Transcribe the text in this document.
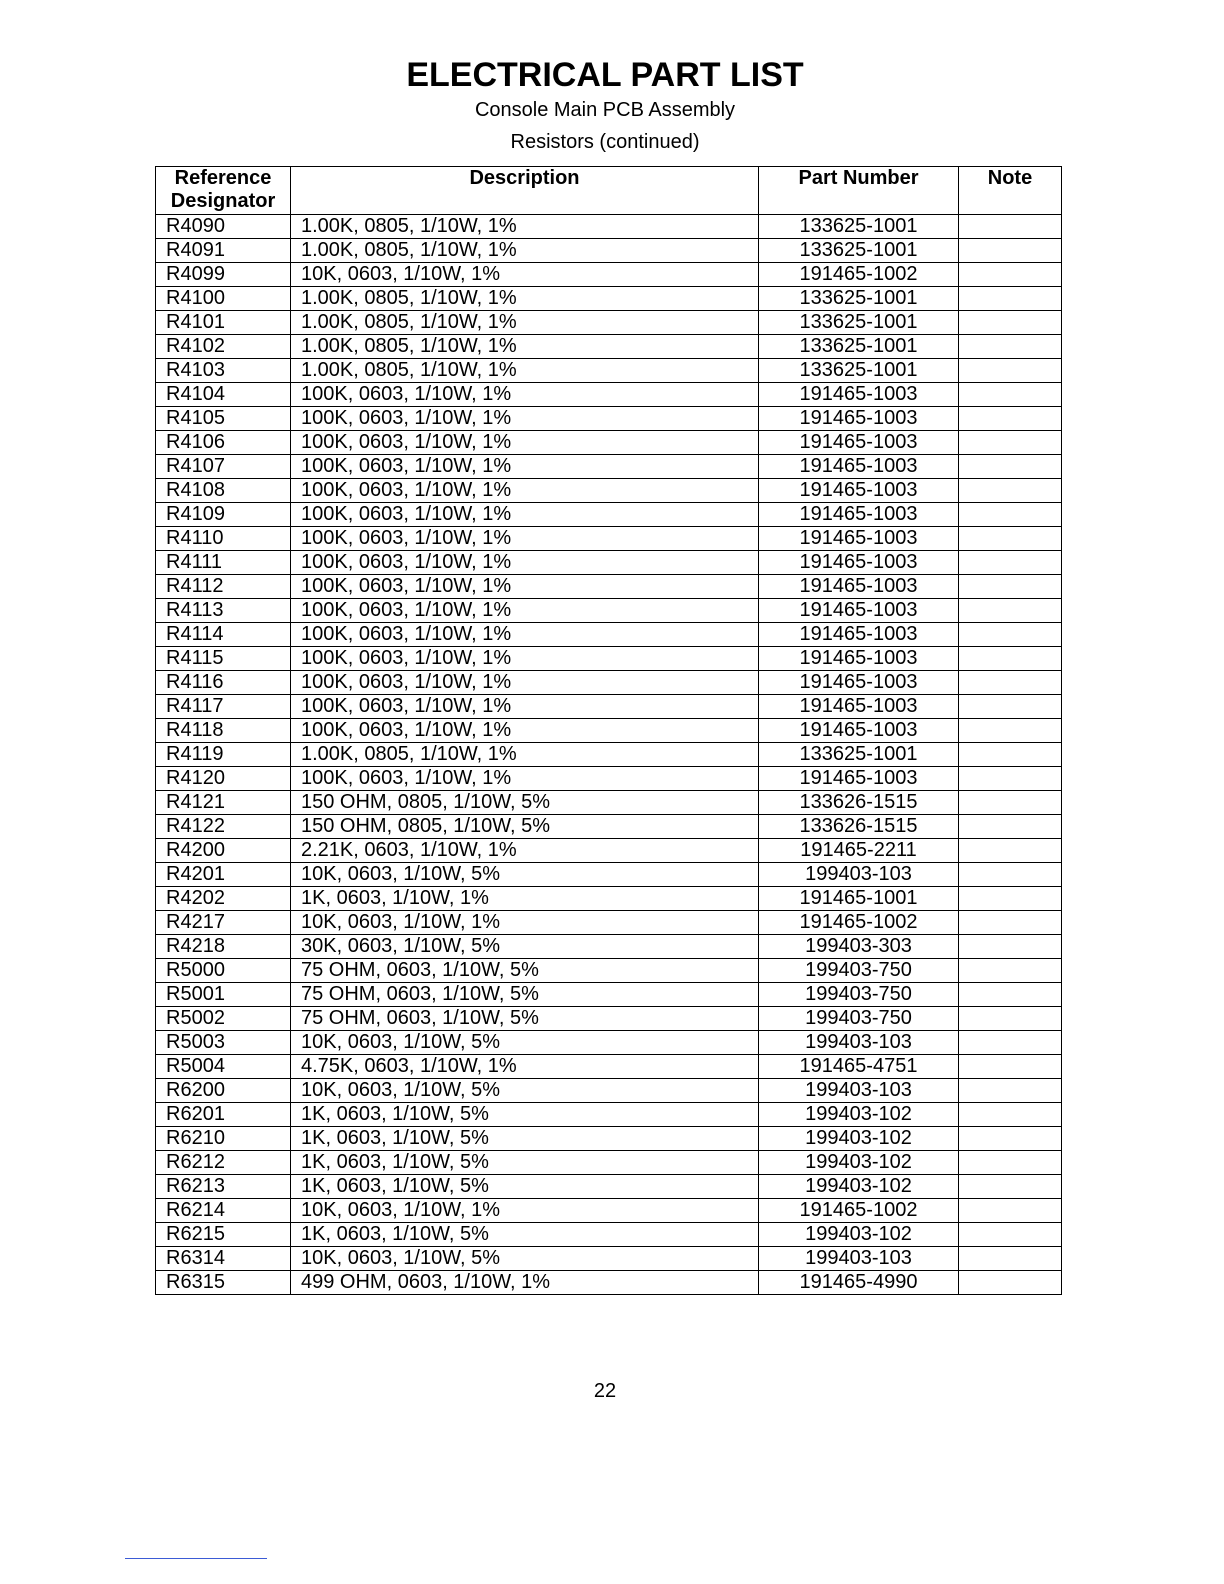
ELECTRICAL PART LIST
Console Main PCB Assembly
Resistors (continued)
Reference
Designator	Description	Part Number	Note
R4090	1.00K, 0805, 1/10W, 1%	133625-1001	
R4091	1.00K, 0805, 1/10W, 1%	133625-1001	
R4099	10K, 0603, 1/10W, 1%	191465-1002	
R4100	1.00K, 0805, 1/10W, 1%	133625-1001	
R4101	1.00K, 0805, 1/10W, 1%	133625-1001	
R4102	1.00K, 0805, 1/10W, 1%	133625-1001	
R4103	1.00K, 0805, 1/10W, 1%	133625-1001	
R4104	100K, 0603, 1/10W, 1%	191465-1003	
R4105	100K, 0603, 1/10W, 1%	191465-1003	
R4106	100K, 0603, 1/10W, 1%	191465-1003	
R4107	100K, 0603, 1/10W, 1%	191465-1003	
R4108	100K, 0603, 1/10W, 1%	191465-1003	
R4109	100K, 0603, 1/10W, 1%	191465-1003	
R4110	100K, 0603, 1/10W, 1%	191465-1003	
R4111	100K, 0603, 1/10W, 1%	191465-1003	
R4112	100K, 0603, 1/10W, 1%	191465-1003	
R4113	100K, 0603, 1/10W, 1%	191465-1003	
R4114	100K, 0603, 1/10W, 1%	191465-1003	
R4115	100K, 0603, 1/10W, 1%	191465-1003	
R4116	100K, 0603, 1/10W, 1%	191465-1003	
R4117	100K, 0603, 1/10W, 1%	191465-1003	
R4118	100K, 0603, 1/10W, 1%	191465-1003	
R4119	1.00K, 0805, 1/10W, 1%	133625-1001	
R4120	100K, 0603, 1/10W, 1%	191465-1003	
R4121	150 OHM, 0805, 1/10W, 5%	133626-1515	
R4122	150 OHM, 0805, 1/10W, 5%	133626-1515	
R4200	2.21K, 0603, 1/10W, 1%	191465-2211	
R4201	10K, 0603, 1/10W, 5%	199403-103	
R4202	1K, 0603, 1/10W, 1%	191465-1001	
R4217	10K, 0603, 1/10W, 1%	191465-1002	
R4218	30K, 0603, 1/10W, 5%	199403-303	
R5000	75 OHM, 0603, 1/10W, 5%	199403-750	
R5001	75 OHM, 0603, 1/10W, 5%	199403-750	
R5002	75 OHM, 0603, 1/10W, 5%	199403-750	
R5003	10K, 0603, 1/10W, 5%	199403-103	
R5004	4.75K, 0603, 1/10W, 1%	191465-4751	
R6200	10K, 0603, 1/10W, 5%	199403-103	
R6201	1K, 0603, 1/10W, 5%	199403-102	
R6210	1K, 0603, 1/10W, 5%	199403-102	
R6212	1K, 0603, 1/10W, 5%	199403-102	
R6213	1K, 0603, 1/10W, 5%	199403-102	
R6214	10K, 0603, 1/10W, 1%	191465-1002	
R6215	1K, 0603, 1/10W, 5%	199403-102	
R6314	10K, 0603, 1/10W, 5%	199403-103	
R6315	499 OHM, 0603, 1/10W, 1%	191465-4990	
22
